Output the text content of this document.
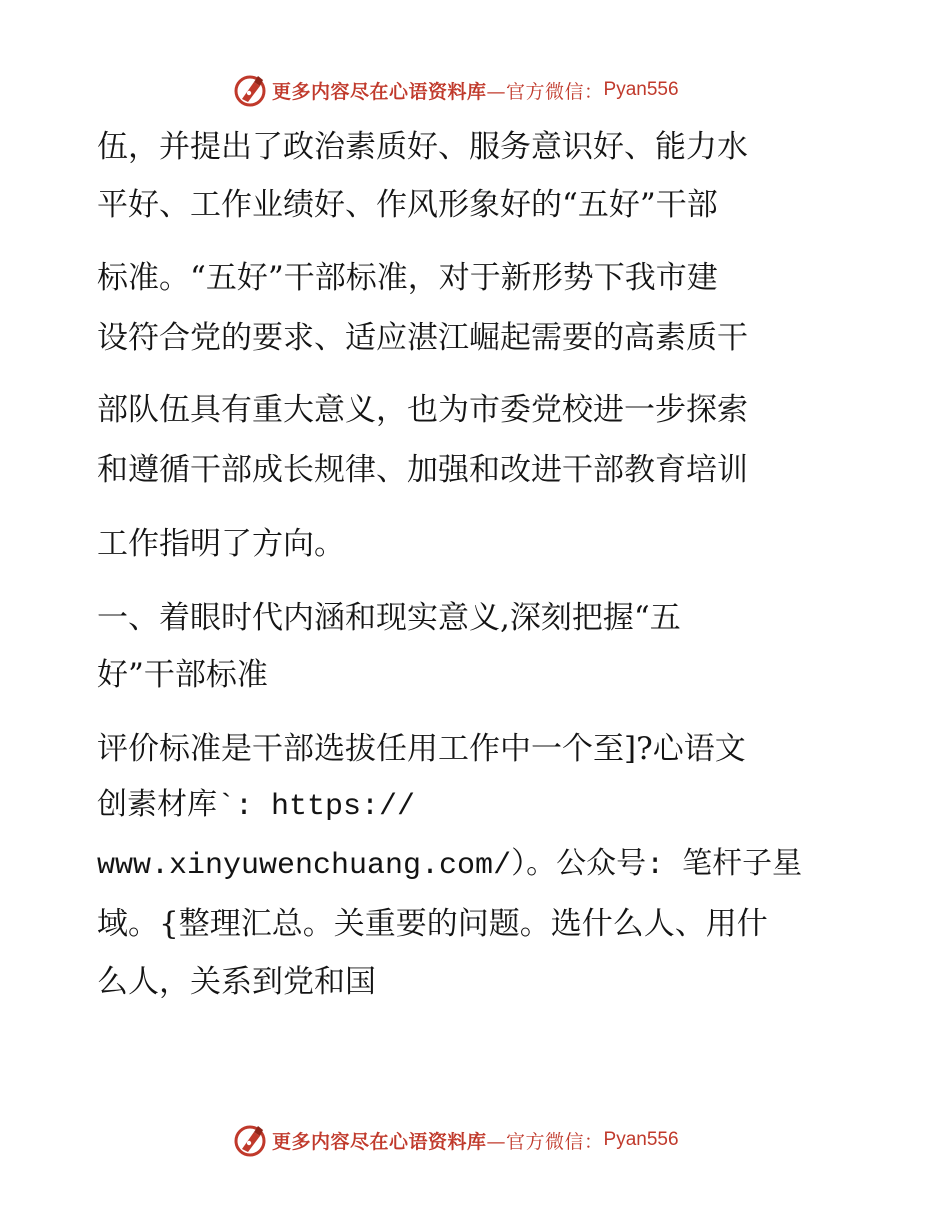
更多内容尽在心语资料库 —官方微信： Pyan556

伍，并提出了政治素质好、服务意识好、能力水

平好、工作业绩好、作风形象好的“五好”干部

标准。“五好”干部标准，对于新形势下我市建

设符合党的要求、适应湛江崛起需要的高素质干

部队伍具有重大意义，也为市委党校进一步探索

和遵循干部成长规律、加强和改进干部教育培训

工作指明了方向。

一、着眼时代内涵和现实意义,深刻把握“五

好”干部标准

评价标准是干部选拔任用工作中一个至]?心语文

创素材库`: https://

www.xinyuwenchuang.com/）。公众号: 笔杆子星

域。{整理汇总。关重要的问题。选什么人、用什

么人，关系到党和国

更多内容尽在心语资料库 —官方微信： Pyan556
